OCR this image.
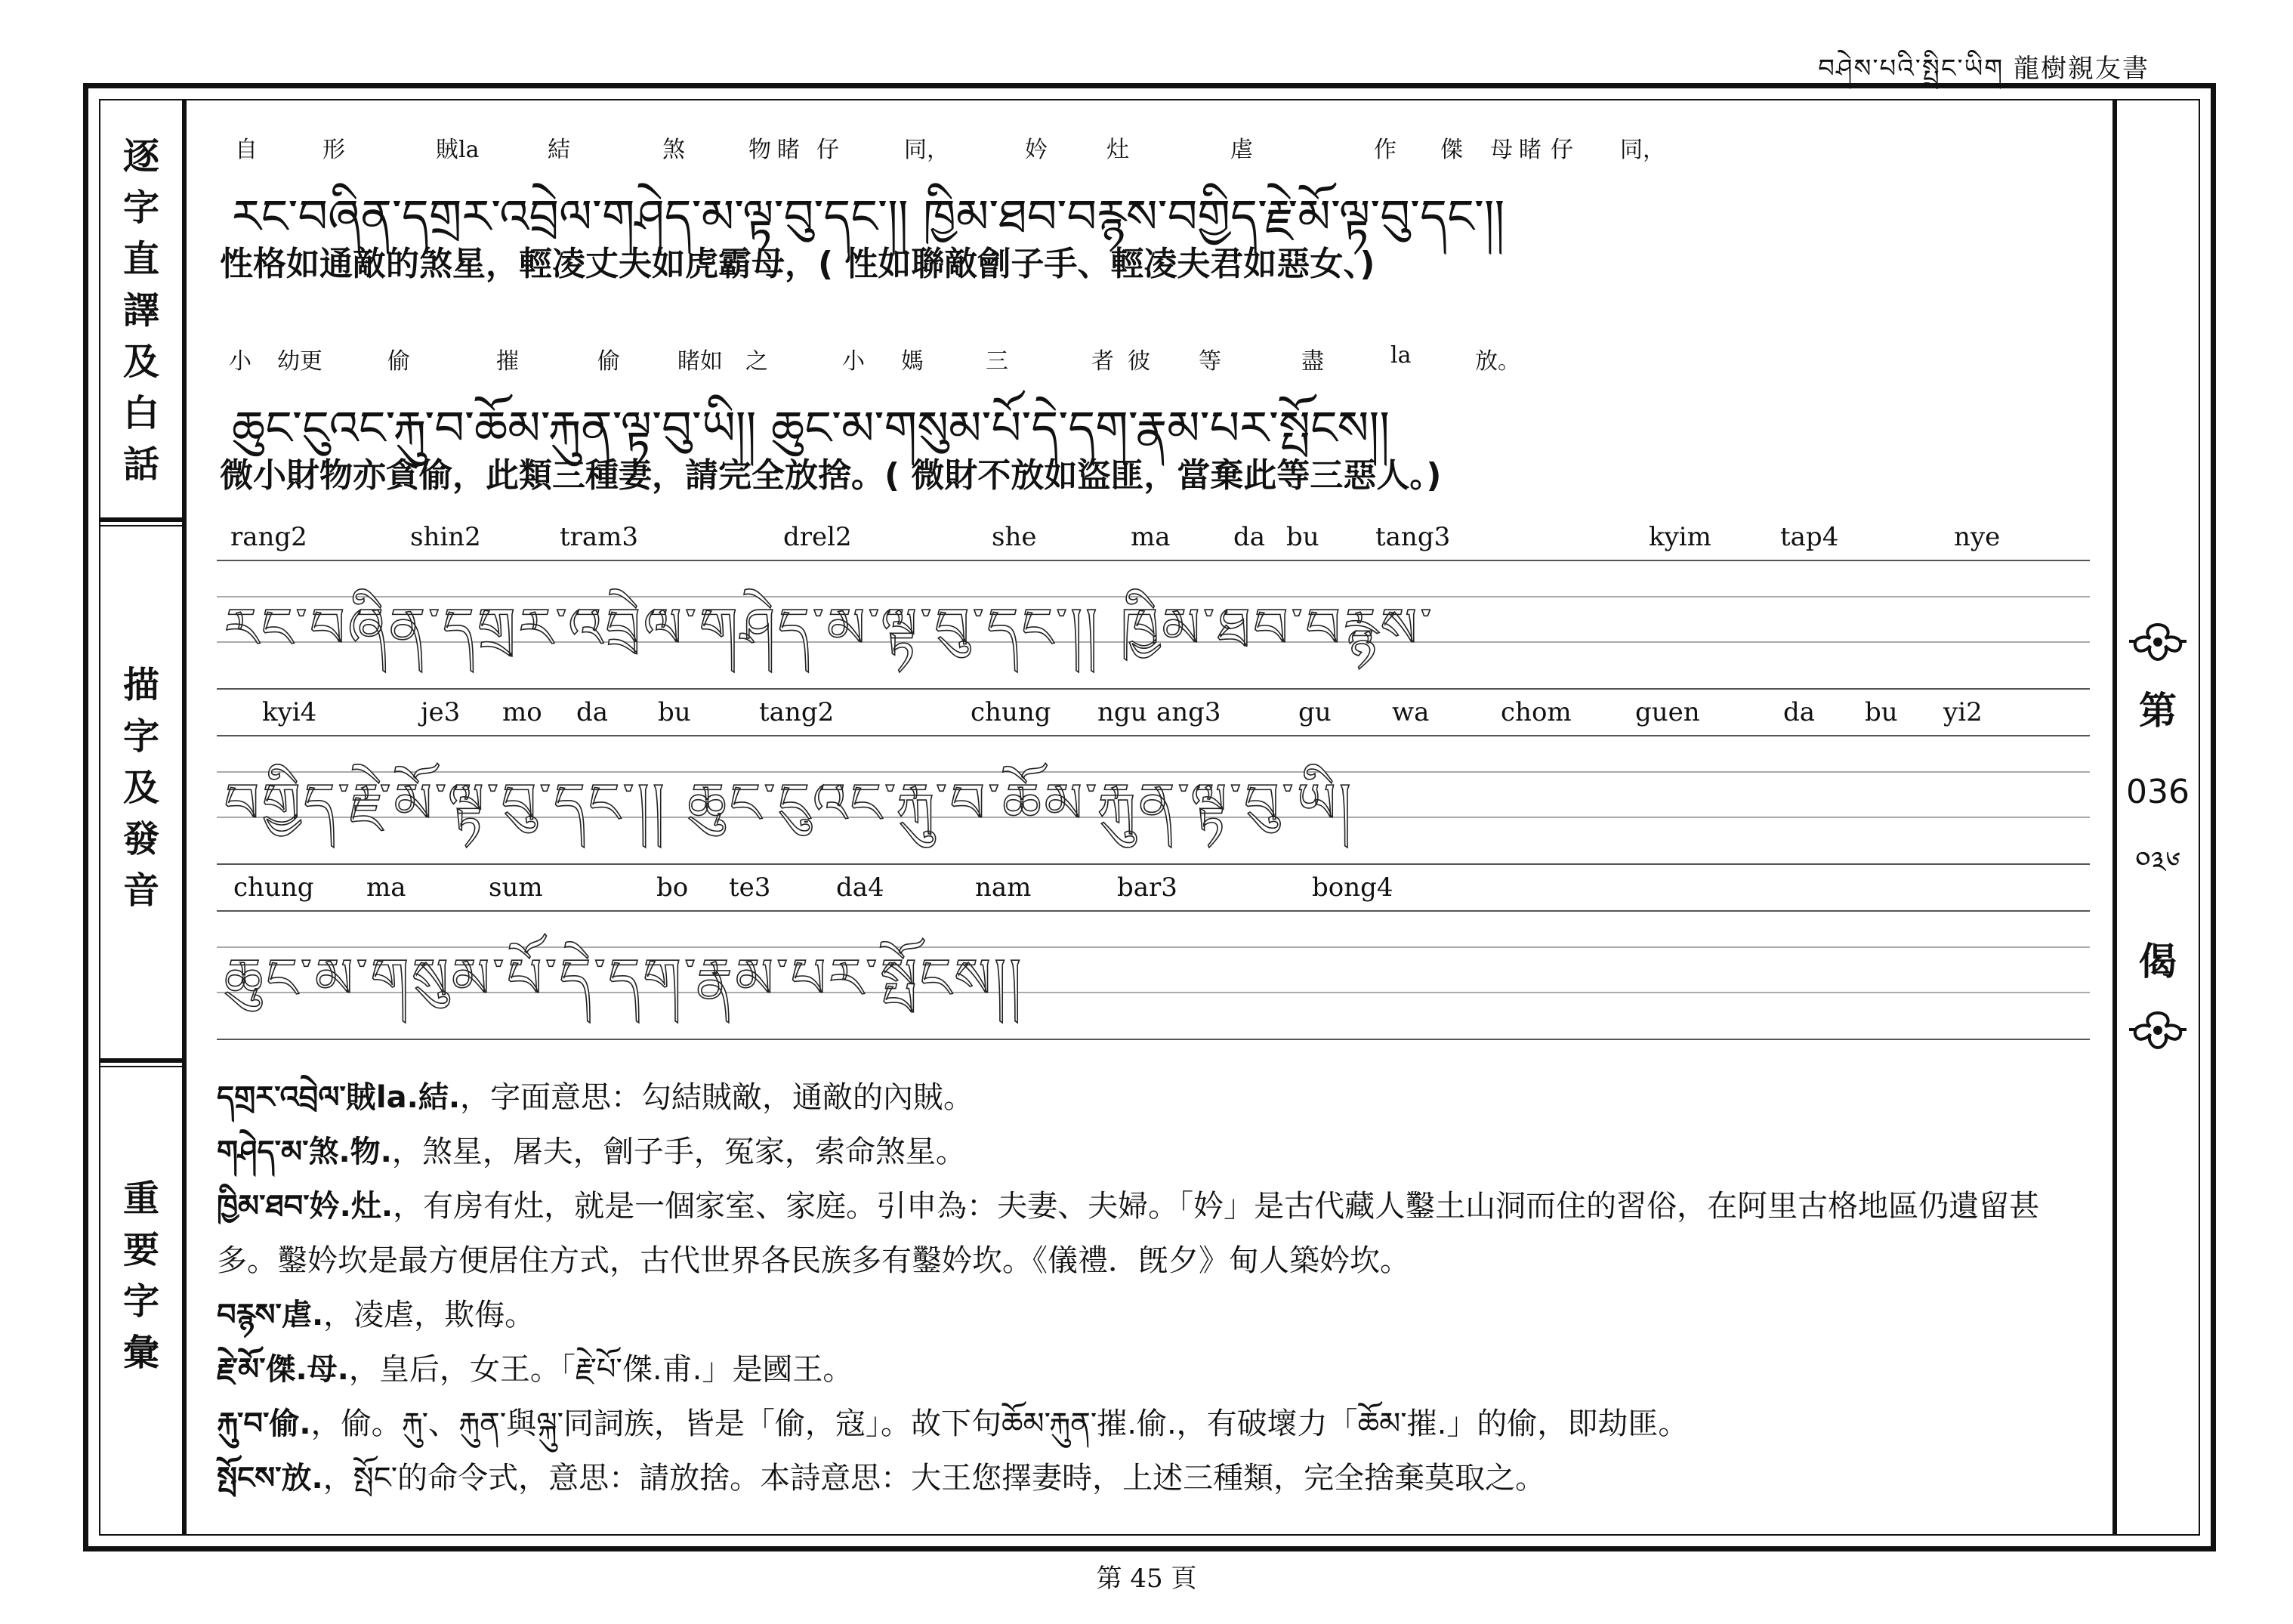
བཤེས་པའི་སྤྲིང་ཡིག 龍樹親友書
逐
字
直
譯
及
白
話
描
字
及
發
音
重
要
字
彙
第
036
༠༣༦
偈
自	形	賊la	結	煞	物 睹 仔	同，	妗	灶	虐	作 傑 母 睹 仔 同，
རང་བཞིན་དགྲར་འབྲེལ་གཤེད་མ་ལྟ་བུ་དང་།། ཁྱིམ་ཐབ་བརྙས་བགྱིད་རྗེ་མོ་ལྟ་བུ་དང་།།
性格如通敵的煞星，輕凌丈夫如虎霸母，( 性如聯敵劊子手、輕凌夫君如惡女、)
小 幼更	偷	摧	偷	睹如 之	小 媽	三	者 彼 等	盡	la	放。
ཆུང་ངུའང་རྐུ་བ་ཆོམ་རྐུན་ལྟ་བུ་ཡི།། ཆུང་མ་གསུམ་པོ་དེ་དག་རྣམ་པར་སྤོངས།།
微小財物亦貪偷，此類三種妻，請完全放捨。( 微財不放如盜匪，當棄此等三惡人。)
rang2	shin2	tram3	drel2	she	ma da bu tang3	kyim	tap4	nye
རང་བཞིན་དགྲར་འབྲེལ་གཤེད་མ་ལྟ་བུ་དང་།། ཁྱིམ་ཐབ་བརྙས་
kyi4	je3 mo da bu	tang2	chung ngu ang3	gu wa	chom guen	da bu yi2
བགྱིད་རྗེ་མོ་ལྟ་བུ་དང་།། ཆུང་ངུའང་རྐུ་བ་ཆོམ་རྐུན་ལྟ་བུ་ཡི།
chung ma	sum	bo te3	da4	nam	bar3	bong4
ཆུང་མ་གསུམ་པོ་དེ་དག་རྣམ་པར་སྤོངས།།
དགྲར་འབྲེལ་賊la.結.，字面意思：勾結賊敵，通敵的內賊。
གཤེད་མ་煞.物.，煞星，屠夫，劊子手，冤家，索命煞星。
ཁྱིམ་ཐབ་妗.灶.，有房有灶，就是一個家室、家庭。引申為：夫妻、夫婦。「妗」是古代藏人鑿土山洞而住的習俗，在阿里古格地區仍遺留甚多。鑿妗坎是最方便居住方式，古代世界各民族多有鑿妗坎。《儀禮．旣夕》甸人築妗坎。
བརྙས་虐.，凌虐，欺侮。
རྗེ་མོ་傑.母.，皇后，女王。「རྗེ་པོ་傑.甫.」是國王。
རྐུ་བ་偷.，偷。རྐུ་、རྐུན་與ལྐུ་同詞族，皆是「偷，寇」。故下句ཆོམ་རྐུན་摧.偷.，有破壞力「ཆོམ་摧.」的偷，即劫匪。
སྤོངས་放.，སྤོང་的命令式，意思：請放捨。本詩意思：大王您擇妻時，上述三種類，完全捨棄莫取之。
第 45 頁
